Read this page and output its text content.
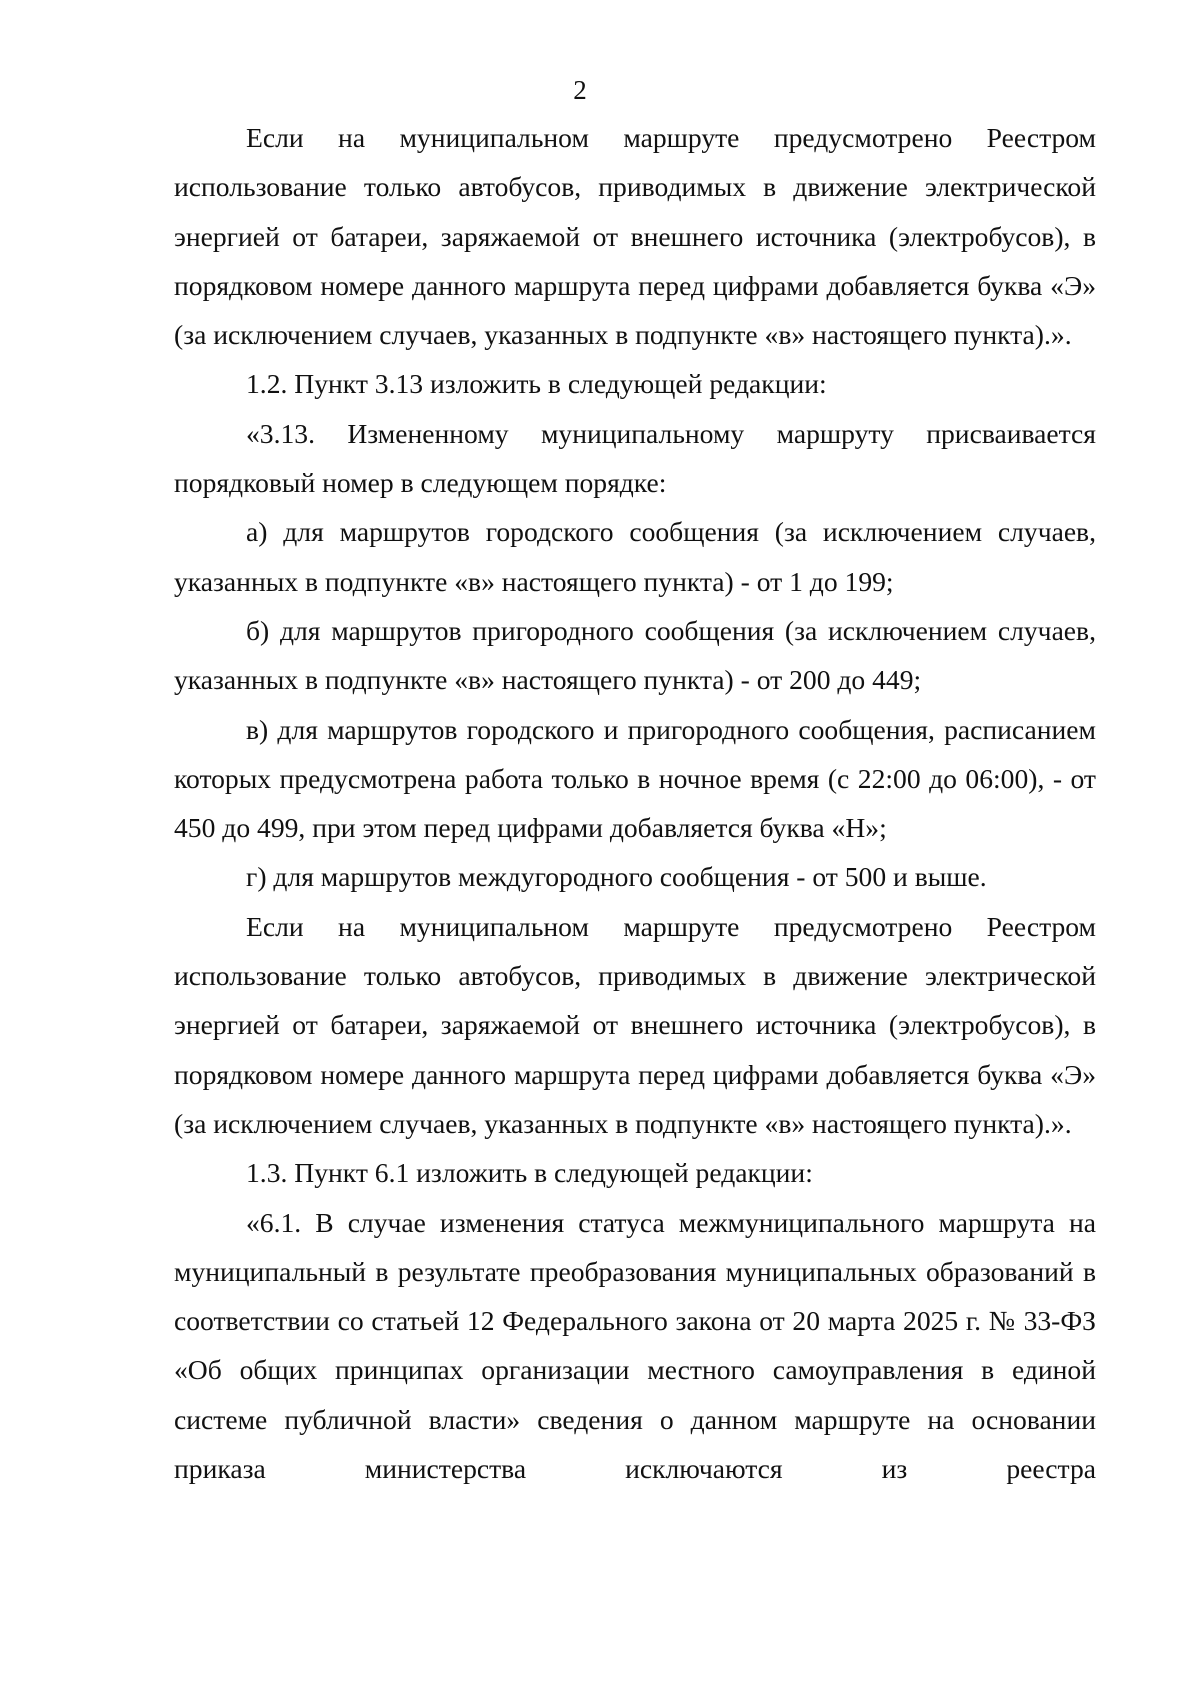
2

Если на муниципальном маршруте предусмотрено Реестром использование только автобусов, приводимых в движение электрической энергией от батареи, заряжаемой от внешнего источника (электробусов), в порядковом номере данного маршрута перед цифрами добавляется буква «Э» (за исключением случаев, указанных в подпункте «в» настоящего пункта).».

1.2. Пункт 3.13 изложить в следующей редакции:

«3.13. Измененному муниципальному маршруту присваивается порядковый номер в следующем порядке:

а) для маршрутов городского сообщения (за исключением случаев, указанных в подпункте «в» настоящего пункта) - от 1 до 199;

б) для маршрутов пригородного сообщения (за исключением случаев, указанных в подпункте «в» настоящего пункта) - от 200 до 449;

в) для маршрутов городского и пригородного сообщения, расписанием которых предусмотрена работа только в ночное время (с 22:00 до 06:00), - от 450 до 499, при этом перед цифрами добавляется буква «Н»;

г) для маршрутов междугородного сообщения - от 500 и выше.

Если на муниципальном маршруте предусмотрено Реестром использование только автобусов, приводимых в движение электрической энергией от батареи, заряжаемой от внешнего источника (электробусов), в порядковом номере данного маршрута перед цифрами добавляется буква «Э» (за исключением случаев, указанных в подпункте «в» настоящего пункта).».

1.3. Пункт 6.1 изложить в следующей редакции:

«6.1. В случае изменения статуса межмуниципального маршрута на муниципальный в результате преобразования муниципальных образований в соответствии со статьей 12 Федерального закона от 20 марта 2025 г. № 33-ФЗ «Об общих принципах организации местного самоуправления в единой системе публичной власти» сведения о данном маршруте на основании приказа министерства исключаются из реестра
